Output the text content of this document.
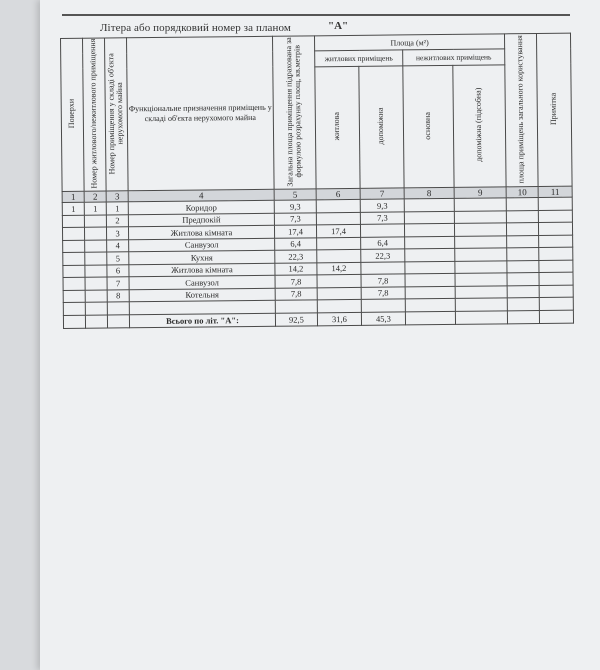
Літера або порядковий номер за планом	"А"
Поверхи	Номер житлового/нежитлового приміщення	Номер приміщення у складі об'єкта нерухомого майна	Функціональне призначення приміщень у складі об'єкта нерухомого майна	Загальна площа приміщення підрахована за формулою розрахунку площ, кв.метрів	Площа (м²)				площа приміщень загального користування	Примітка
					житлових приміщень		нежитлових приміщень			
					житлова	допоміжна	основна	допоміжна (підсобна)		
1	2	3	4	5	6	7	8	9	10	11
1	1	1	Коридор	9,3		9,3				
		2	Предпокій	7,3		7,3				
		3	Житлова кімната	17,4	17,4					
		4	Санвузол	6,4		6,4				
		5	Кухня	22,3		22,3				
		6	Житлова кімната	14,2	14,2					
		7	Санвузол	7,8		7,8				
		8	Котельня	7,8		7,8				

			Всього по літ. "А":	92,5	31,6	45,3				
